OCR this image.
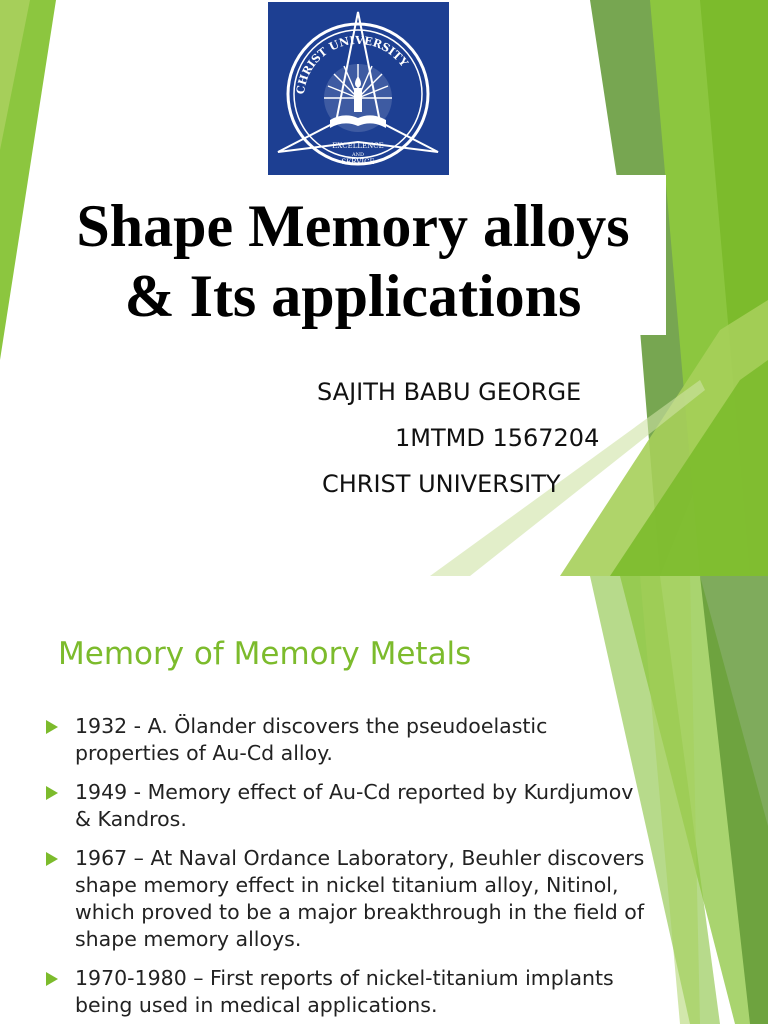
CHRIST UNIVERSITY
EXCELLENCE
AND
SERVICE
Shape Memory alloys
& Its applications

SAJITH BABU GEORGE

1MTMD 1567204

CHRIST UNIVERSITY

Memory of Memory Metals
1932 - A. Ölander discovers the pseudoelastic
properties of Au-Cd alloy.
1949 - Memory effect of Au-Cd reported by Kurdjumov
& Kandros.
1967 – At Naval Ordance Laboratory, Beuhler discovers
shape memory effect in nickel titanium alloy, Nitinol,
which proved to be a major breakthrough in the field of
shape memory alloys.
1970-1980 – First reports of nickel-titanium implants
being used in medical applications.
